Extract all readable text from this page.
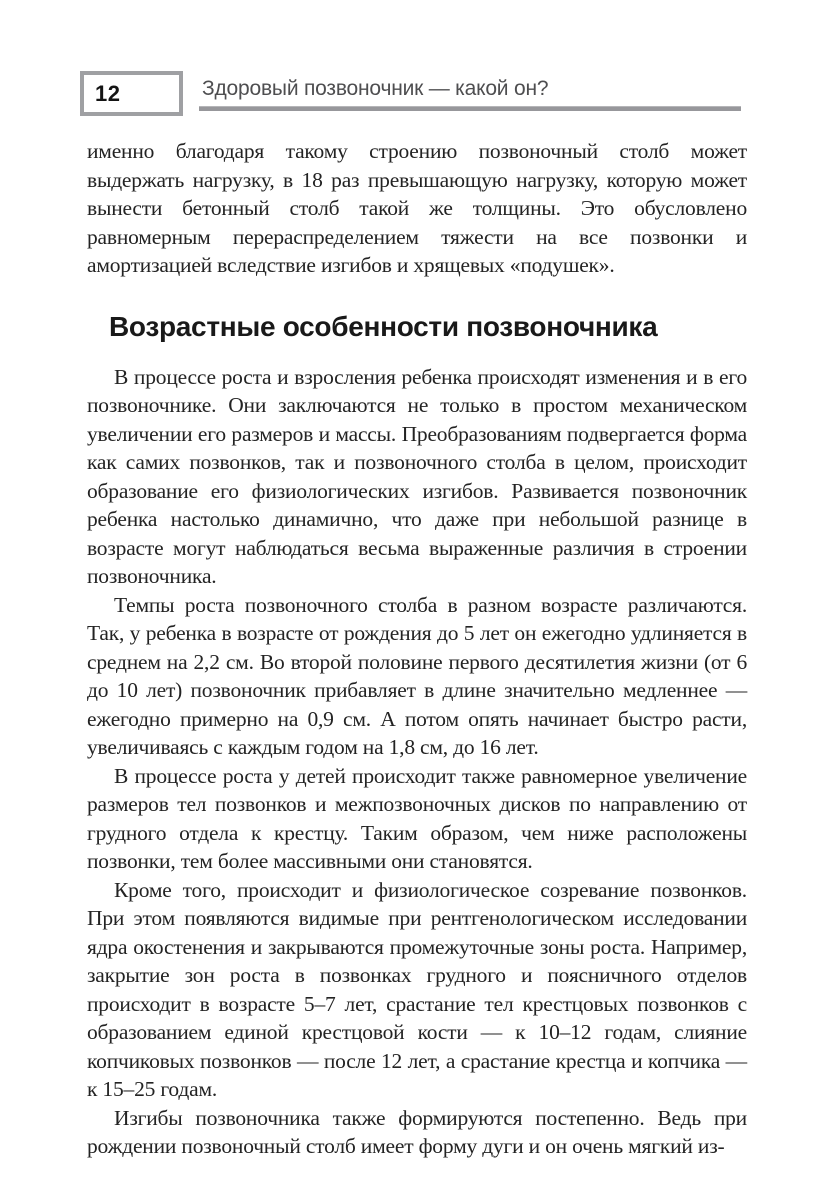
12	Здоровый позвоночник — какой он?

именно благодаря такому строению позвоночный столб может выдержать нагрузку, в 18 раз превышающую нагрузку, которую может вынести бетонный столб такой же толщины. Это обусловлено равномерным перераспределением тяжести на все позвонки и амортизацией вследствие изгибов и хрящевых «подушек».

Возрастные особенности позвоночника

В процессе роста и взросления ребенка происходят изменения и в его позвоночнике. Они заключаются не только в простом механическом увеличении его размеров и массы. Преобразованиям подвергается форма как самих позвонков, так и позвоночного столба в целом, происходит образование его физиологических изгибов. Развивается позвоночник ребенка настолько динамично, что даже при небольшой разнице в возрасте могут наблюдаться весьма выраженные различия в строении позвоночника.

Темпы роста позвоночного столба в разном возрасте различаются. Так, у ребенка в возрасте от рождения до 5 лет он ежегодно удлиняется в среднем на 2,2 см. Во второй половине первого десятилетия жизни (от 6 до 10 лет) позвоночник прибавляет в длине значительно медленнее — ежегодно примерно на 0,9 см. А потом опять начинает быстро расти, увеличиваясь с каждым годом на 1,8 см, до 16 лет.

В процессе роста у детей происходит также равномерное увеличение размеров тел позвонков и межпозвоночных дисков по направлению от грудного отдела к крестцу. Таким образом, чем ниже расположены позвонки, тем более массивными они становятся.

Кроме того, происходит и физиологическое созревание позвонков. При этом появляются видимые при рентгенологическом исследовании ядра окостенения и закрываются промежуточные зоны роста. Например, закрытие зон роста в позвонках грудного и поясничного отделов происходит в возрасте 5–7 лет, срастание тел крестцовых позвонков с образованием единой крестцовой кости — к 10–12 годам, слияние копчиковых позвонков — после 12 лет, а срастание крестца и копчика — к 15–25 годам.

Изгибы позвоночника также формируются постепенно. Ведь при рождении позвоночный столб имеет форму дуги и он очень мягкий из-
